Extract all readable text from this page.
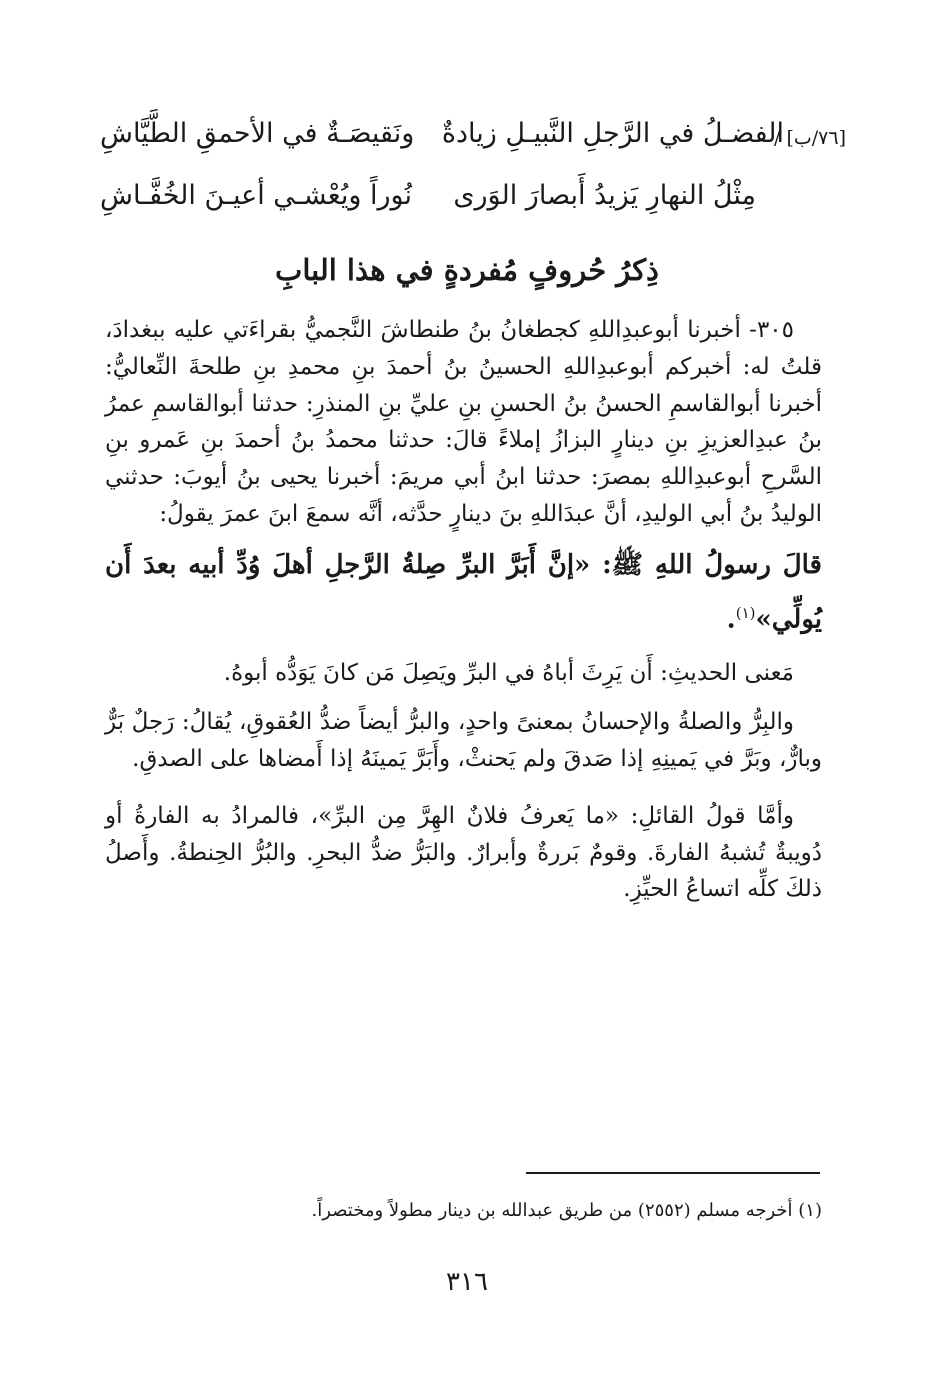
[٧٦/ب] /
الفضـلُ في الرَّجلِ النَّبيـلِ زيادةٌ
ونَقيصَـةٌ في الأحمقِ الطَّيَّاشِ
مِثْلُ النهارِ يَزيدُ أَبصارَ الوَرى
نُوراً ويُعْشـي أعيـنَ الخُفَّـاشِ
ذِكرُ حُروفٍ مُفردةٍ في هذا البابِ

٣٠٥- أخبرنا أبوعبدِاللهِ كجطغانُ بنُ طنطاشَ النَّجميُّ بقراءَتي عليه ببغدادَ، قلتُ له: أخبركم أبوعبدِاللهِ الحسينُ بنُ أحمدَ بنِ محمدِ بنِ طلحةَ النِّعاليُّ: أخبرنا أبوالقاسمِ الحسنُ بنُ الحسنِ بنِ عليِّ بنِ المنذرِ: حدثنا أبوالقاسمِ عمرُ بنُ عبدِالعزيزِ بنِ دينارٍ البزازُ إملاءً قالَ: حدثنا محمدُ بنُ أحمدَ بنِ عَمرو بنِ السَّرحِ أبوعبدِاللهِ بمصرَ: حدثنا ابنُ أبي مريمَ: أخبرنا يحيى بنُ أيوبَ: حدثني الوليدُ بنُ أبي الوليدِ، أنَّ عبدَاللهِ بنَ دينارٍ حدَّثه، أنَّه سمعَ ابنَ عمرَ يقولُ:

قالَ رسولُ اللهِ ﷺ: «إنَّ أَبَرَّ البرِّ صِلةُ الرَّجلِ أهلَ وُدِّ أبيه بعدَ أَن يُولِّي»$^{(١)}$.

مَعنى الحديثِ: أَن يَرِثَ أباهُ في البرِّ ويَصِلَ مَن كانَ يَوَدُّه أبوهُ.

والبِرُّ والصلةُ والإحسانُ بمعنىً واحدٍ، والبرُّ أيضاً ضدُّ العُقوقِ، يُقالُ: رَجلٌ بَرٌّ وبارٌّ، وبَرَّ في يَمينِهِ إذا صَدقَ ولم يَحنثْ، وأَبَرَّ يَمينَهُ إذا أَمضاها على الصدقِ.

وأمَّا قولُ القائلِ: «ما يَعرفُ فلانٌ الهِرَّ مِن البرِّ»، فالمرادُ به الفارةُ أو دُويبةٌ تُشبهُ الفارةَ. وقومٌ بَررةٌ وأبرارٌ. والبَرُّ ضدُّ البحرِ. والبُرُّ الحِنطةُ. وأَصلُ ذلكَ كلِّه اتساعُ الحيِّزِ.

(١) أخرجه مسلم (٢٥٥٢) من طريق عبدالله بن دينار مطولاً ومختصراً.
٣١٦
